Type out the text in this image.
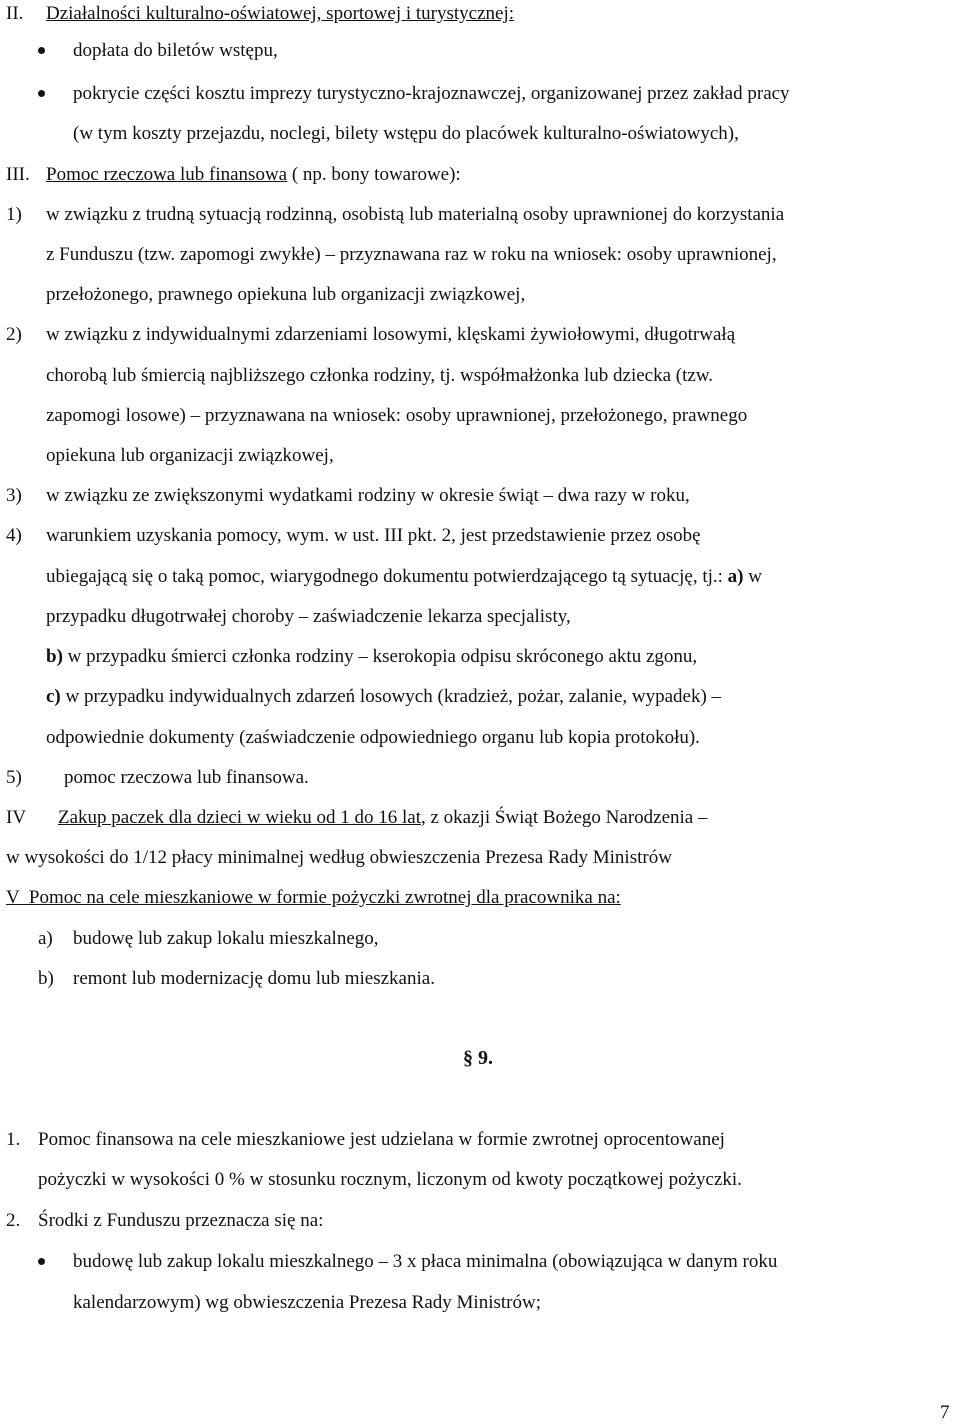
II. Działalności kulturalno-oświatowej, sportowej i turystycznej:
dopłata do biletów wstępu,
pokrycie części kosztu imprezy turystyczno-krajoznawczej, organizowanej przez zakład pracy
(w tym koszty przejazdu, noclegi, bilety wstępu do placówek kulturalno-oświatowych),
III. Pomoc rzeczowa lub finansowa ( np. bony towarowe):
1) w związku z trudną sytuacją rodzinną, osobistą lub materialną osoby uprawnionej do korzystania
z Funduszu (tzw. zapomogi zwykłe) – przyznawana raz w roku na wniosek: osoby uprawnionej,
przełożonego, prawnego opiekuna lub organizacji związkowej,
2) w związku z indywidualnymi zdarzeniami losowymi, klęskami żywiołowymi, długotrwałą
chorobą lub śmiercią najbliższego członka rodziny, tj. współmałżonka lub dziecka (tzw.
zapomogi losowe) – przyznawana na wniosek: osoby uprawnionej, przełożonego, prawnego
opiekuna lub organizacji związkowej,
3) w związku ze zwiększonymi wydatkami rodziny w okresie świąt – dwa razy w roku,
4) warunkiem uzyskania pomocy, wym. w ust. III pkt. 2, jest przedstawienie przez osobę
ubiegającą się o taką pomoc, wiarygodnego dokumentu potwierdzającego tą sytuację, tj.: a) w
przypadku długotrwałej choroby – zaświadczenie lekarza specjalisty,
b) w przypadku śmierci członka rodziny – kserokopia odpisu skróconego aktu zgonu,
c) w przypadku indywidualnych zdarzeń losowych (kradzież, pożar, zalanie, wypadek) –
odpowiednie dokumenty (zaświadczenie odpowiedniego organu lub kopia protokołu).
5) pomoc rzeczowa lub finansowa.
IV Zakup paczek dla dzieci w wieku od 1 do 16 lat, z okazji Świąt Bożego Narodzenia –
w wysokości do 1/12 płacy minimalnej według obwieszczenia Prezesa Rady Ministrów
V  Pomoc na cele mieszkaniowe w formie pożyczki zwrotnej dla pracownika na:
a) budowę lub zakup lokalu mieszkalnego,
b) remont lub modernizację domu lub mieszkania.
§ 9.
1. Pomoc finansowa na cele mieszkaniowe jest udzielana w formie zwrotnej oprocentowanej
pożyczki w wysokości 0 % w stosunku rocznym, liczonym od kwoty początkowej pożyczki.
2. Środki z Funduszu przeznacza się na:
budowę lub zakup lokalu mieszkalnego – 3 x płaca minimalna (obowiązująca w danym roku
kalendarzowym) wg obwieszczenia Prezesa Rady Ministrów;
7
